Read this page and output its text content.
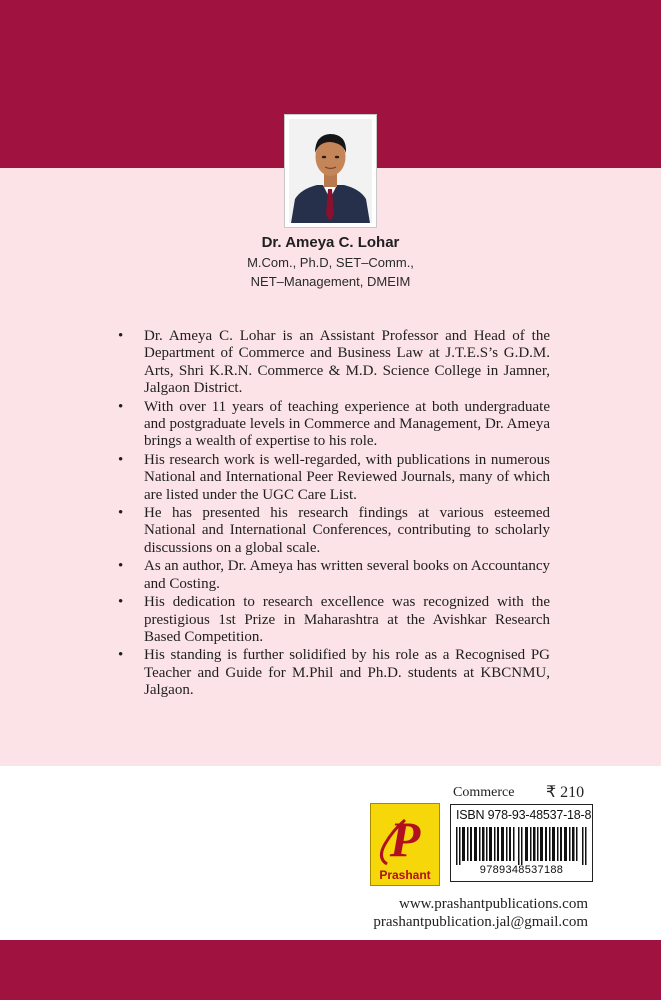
Dr. Ameya C. Lohar
M.Com., Ph.D, SET–Comm.,
NET–Management, DMEIM
• Dr. Ameya C. Lohar is an Assistant Professor and Head of the Department of Commerce and Business Law at J.T.E.S’s G.D.M. Arts, Shri K.R.N. Commerce & M.D. Science College in Jamner, Jalgaon District.
• With over 11 years of teaching experience at both undergraduate and postgraduate levels in Commerce and Management, Dr. Ameya brings a wealth of expertise to his role.
• His research work is well-regarded, with publications in numerous National and International Peer Reviewed Journals, many of which are listed under the UGC Care List.
• He has presented his research findings at various esteemed National and International Conferences, contributing to scholarly discussions on a global scale.
• As an author, Dr. Ameya has written several books on Accountancy and Costing.
• His dedication to research excellence was recognized with the prestigious 1st Prize in Maharashtra at the Avishkar Research Based Competition.
• His standing is further solidified by his role as a Recognised PG Teacher and Guide for M.Phil and Ph.D. students at KBCNMU, Jalgaon.
Commerce ₹ 210
P
Prashant
ISBN 978-93-48537-18-8
9789348537188
www.prashantpublications.com
prashantpublication.jal@gmail.com
